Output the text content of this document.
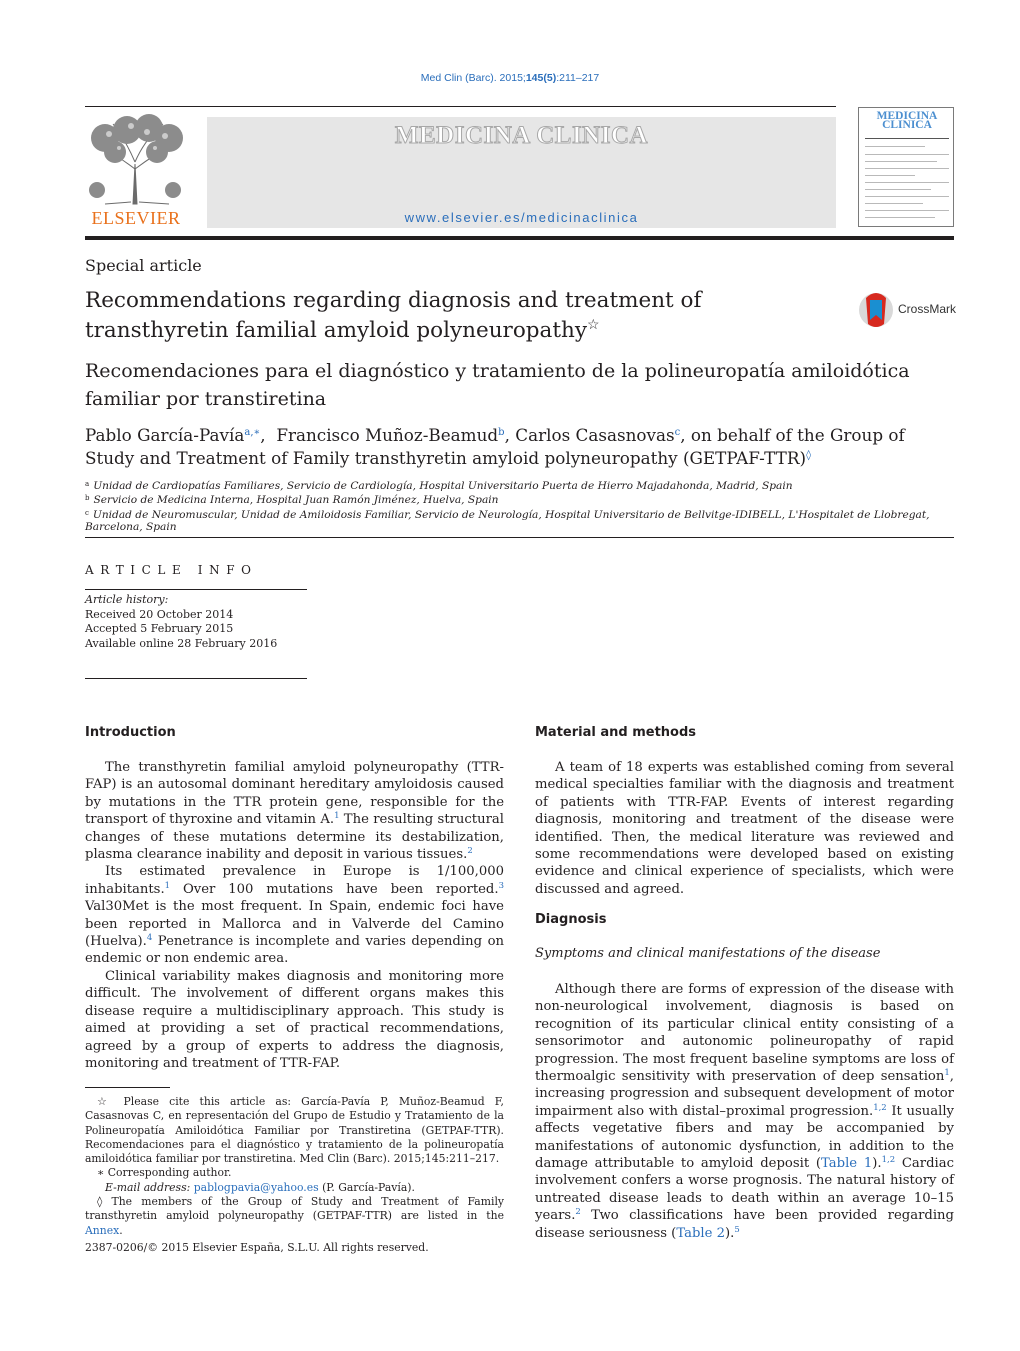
Med Clin (Barc). 2015;145(5):211–217
ELSEVIER
MEDICINA CLINICA
www.elsevier.es/medicinaclinica
MEDICINA CLINICA
Special article
Recommendations regarding diagnosis and treatment of transthyretin familial amyloid polyneuropathy☆
CrossMark
Recomendaciones para el diagnóstico y tratamiento de la polineuropatía amiloidótica familiar por transtiretina
Pablo García-Pavía$^{a,∗}$,  Francisco Muñoz-Beamud$^b$, Carlos Casasnovas$^c$, on behalf of the Group of Study and Treatment of Family transthyretin amyloid polyneuropathy (GETPAF-TTR)◊
$^a$ Unidad de Cardiopatías Familiares, Servicio de Cardiología, Hospital Universitario Puerta de Hierro Majadahonda, Madrid, Spain
$^b$ Servicio de Medicina Interna, Hospital Juan Ramón Jiménez, Huelva, Spain
$^c$ Unidad de Neuromuscular, Unidad de Amiloidosis Familiar, Servicio de Neurología, Hospital Universitario de Bellvitge-IDIBELL, L'Hospitalet de Llobregat, Barcelona, Spain
ARTICLE INFO
Article history:
Received 20 October 2014
Accepted 5 February 2015
Available online 28 February 2016
Introduction

The transthyretin familial amyloid polyneuropathy (TTR-FAP) is an autosomal dominant hereditary amyloidosis caused by mutations in the TTR protein gene, responsible for the transport of thyroxine and vitamin A.$^1$ The resulting structural changes of these mutations determine its destabilization, plasma clearance inability and deposit in various tissues.$^2$

Its estimated prevalence in Europe is 1/100,000 inhabitants.$^1$ Over 100 mutations have been reported.$^3$ Val30Met is the most frequent. In Spain, endemic foci have been reported in Mallorca and in Valverde del Camino (Huelva).$^4$ Penetrance is incomplete and varies depending on endemic or non endemic area.

Clinical variability makes diagnosis and monitoring more difficult. The involvement of different organs makes this disease require a multidisciplinary approach. This study is aimed at providing a set of practical recommendations, agreed by a group of experts to address the diagnosis, monitoring and treatment of TTR-FAP.

☆ Please cite this article as: García-Pavía P, Muñoz-Beamud F, Casasnovas C, en representación del Grupo de Estudio y Tratamiento de la Polineuropatía Amiloidótica Familiar por Transtiretina (GETPAF-TTR). Recomendaciones para el diagnóstico y tratamiento de la polineuropatía amiloidótica familiar por transtiretina. Med Clin (Barc). 2015;145:211–217.

∗ Corresponding author.

E-mail address: pablogpavia@yahoo.es (P. García-Pavía).

◊ The members of the Group of Study and Treatment of Family transthyretin amyloid polyneuropathy (GETPAF-TTR) are listed in the Annex.

2387-0206/© 2015 Elsevier España, S.L.U. All rights reserved.
Material and methods

A team of 18 experts was established coming from several medical specialties familiar with the diagnosis and treatment of patients with TTR-FAP. Events of interest regarding diagnosis, monitoring and treatment of the disease were identified. Then, the medical literature was reviewed and some recommendations were developed based on existing evidence and clinical experience of specialists, which were discussed and agreed.

Diagnosis
Symptoms and clinical manifestations of the disease

Although there are forms of expression of the disease with non-neurological involvement, diagnosis is based on recognition of its particular clinical entity consisting of a sensorimotor and autonomic polineuropathy of rapid progression. The most frequent baseline symptoms are loss of thermoalgic sensitivity with preservation of deep sensation$^1$, increasing progression and subsequent development of motor impairment also with distal–proximal progression.$^{1,2}$ It usually affects vegetative fibers and may be accompanied by manifestations of autonomic dysfunction, in addition to the damage attributable to amyloid deposit (Table 1).$^{1,2}$ Cardiac involvement confers a worse prognosis. The natural history of untreated disease leads to death within an average 10–15 years.$^2$ Two classifications have been provided regarding disease seriousness (Table 2).$^5$
